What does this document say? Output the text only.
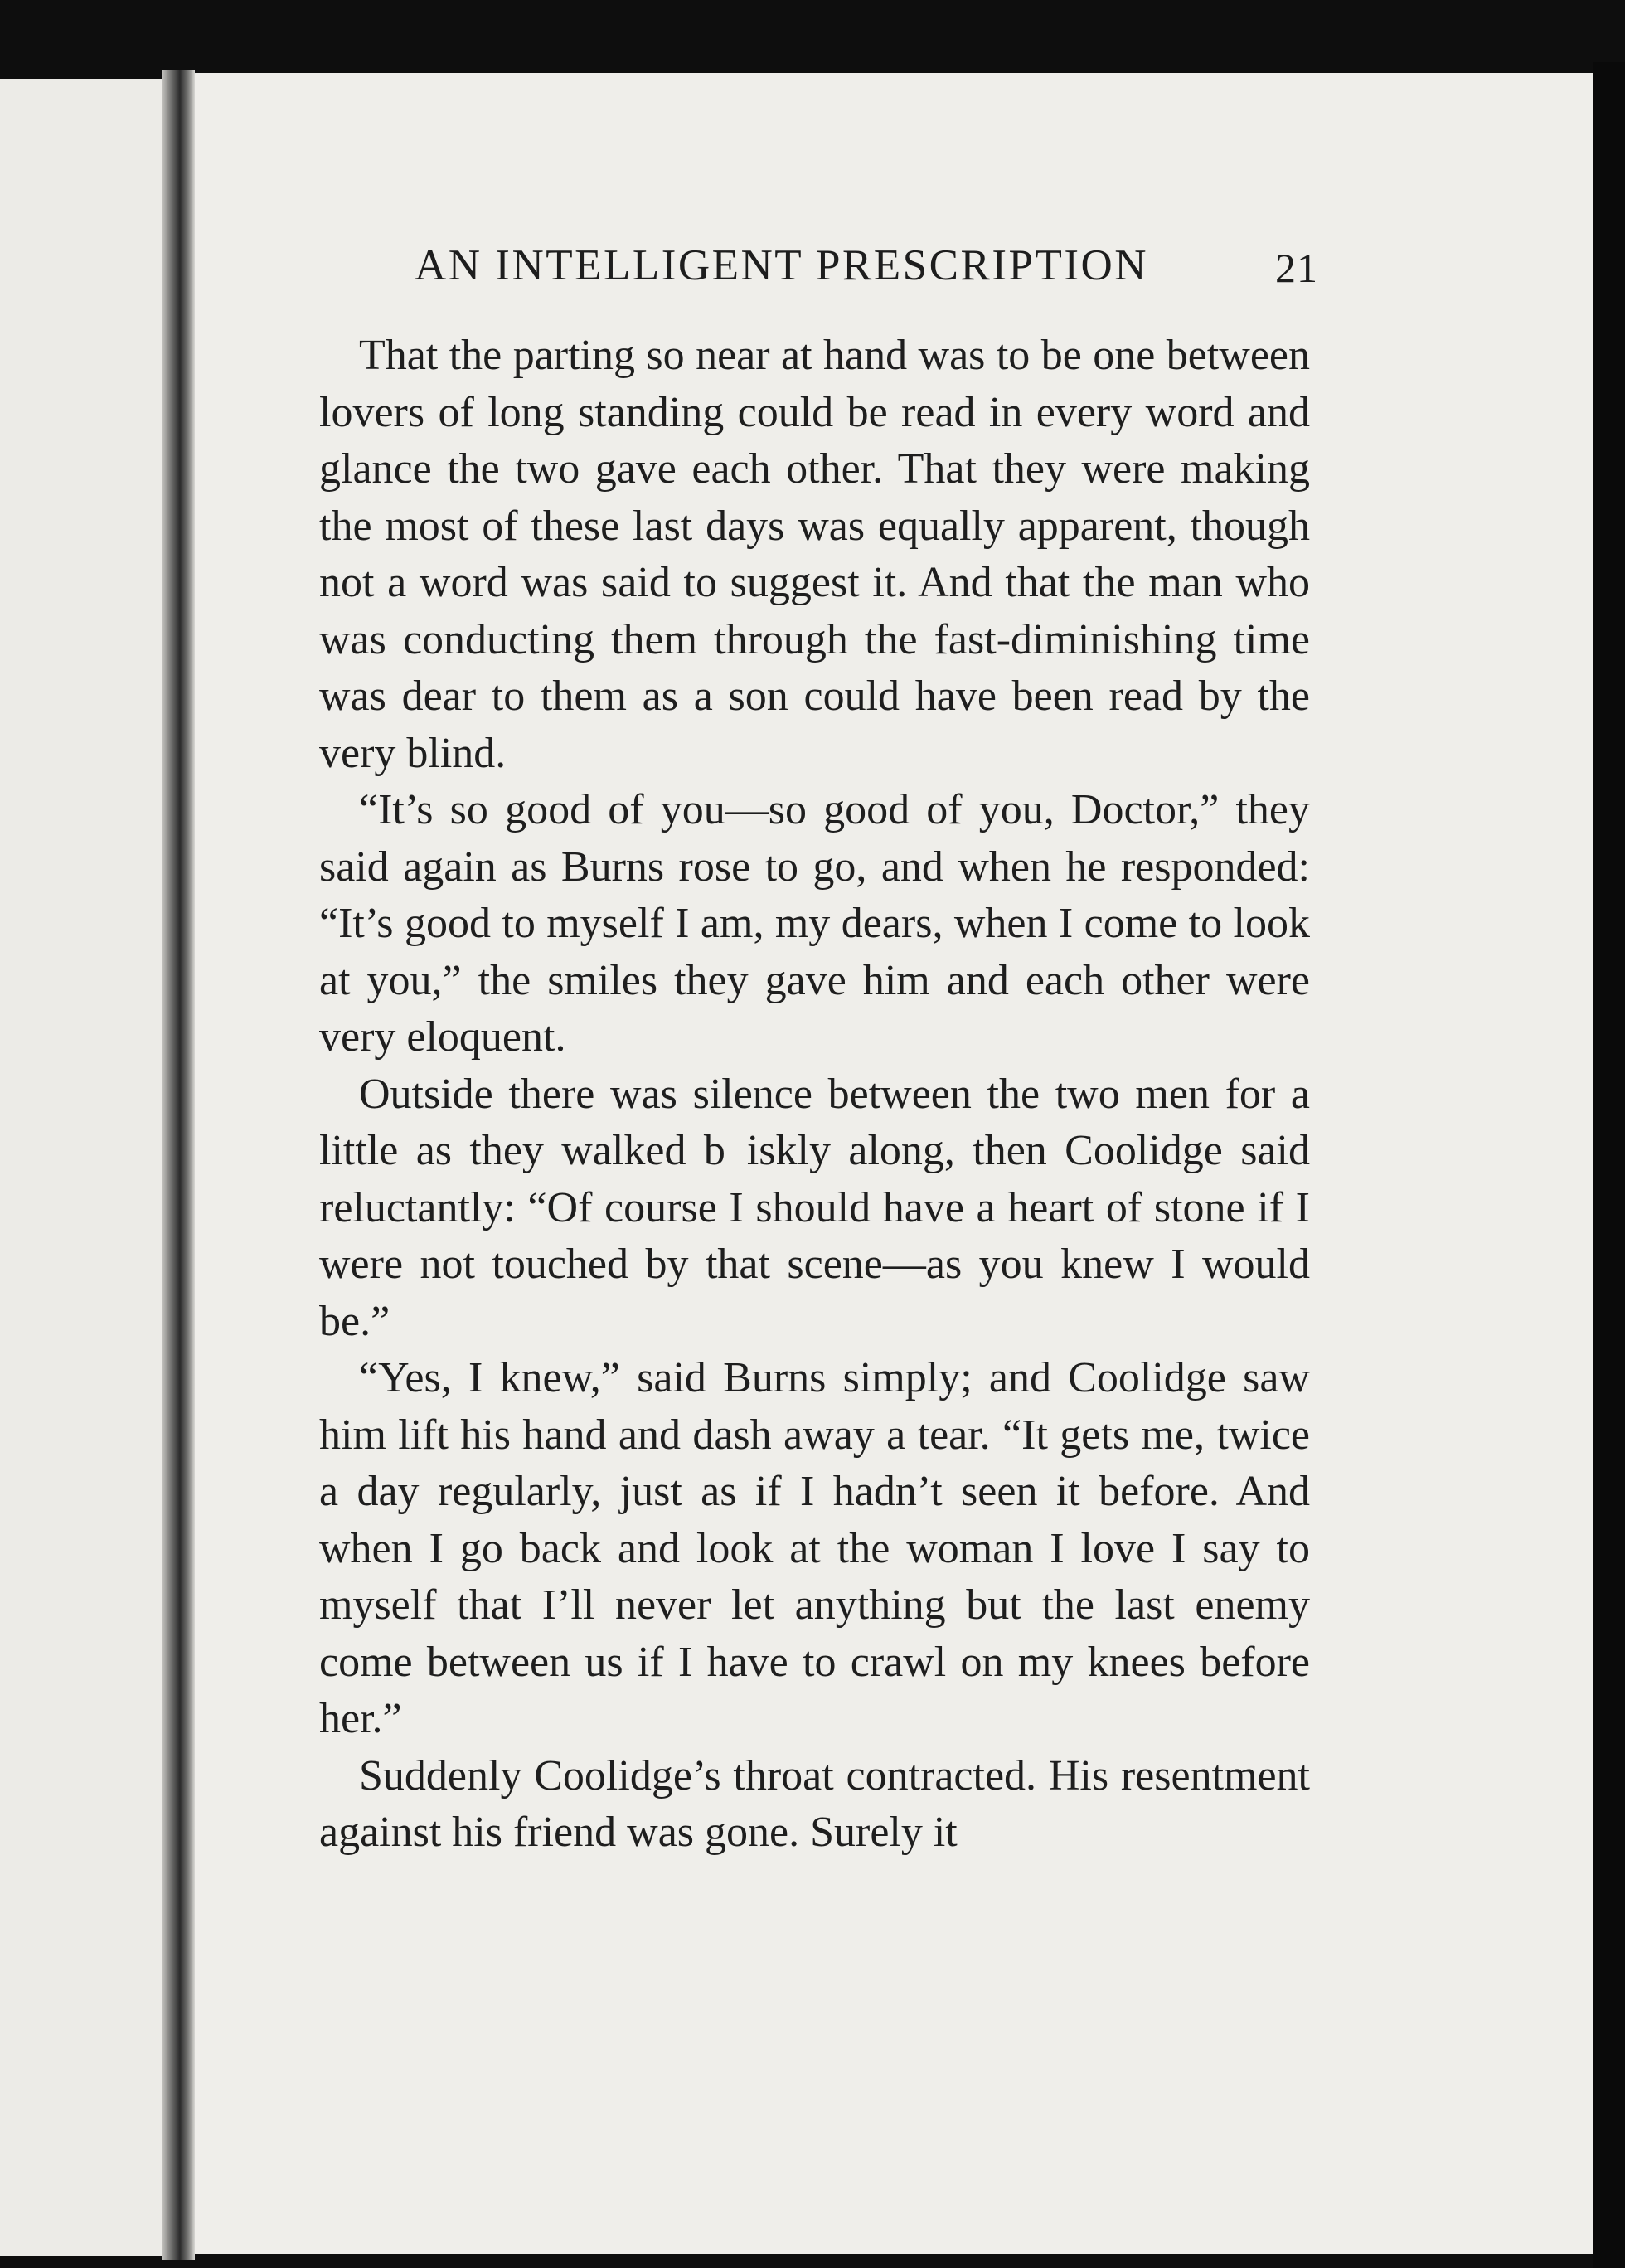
AN INTELLIGENT PRESCRIPTION	21

That the parting so near at hand was to be one between lovers of long standing could be read in every word and glance the two gave each other. That they were making the most of these last days was equally apparent, though not a word was said to suggest it. And that the man who was conducting them through the fast-diminishing time was dear to them as a son could have been read by the very blind.

“It’s so good of you—so good of you, Doctor,” they said again as Burns rose to go, and when he responded: “It’s good to myself I am, my dears, when I come to look at you,” the smiles they gave him and each other were very eloquent.

Outside there was silence between the two men for a little as they walked b iskly along, then Coolidge said reluctantly: “Of course I should have a heart of stone if I were not touched by that scene—as you knew I would be.”

“Yes, I knew,” said Burns simply; and Coolidge saw him lift his hand and dash away a tear. “It gets me, twice a day regularly, just as if I hadn’t seen it before. And when I go back and look at the woman I love I say to myself that I’ll never let anything but the last enemy come between us if I have to crawl on my knees before her.”

Suddenly Coolidge’s throat contracted. His resentment against his friend was gone. Surely it
